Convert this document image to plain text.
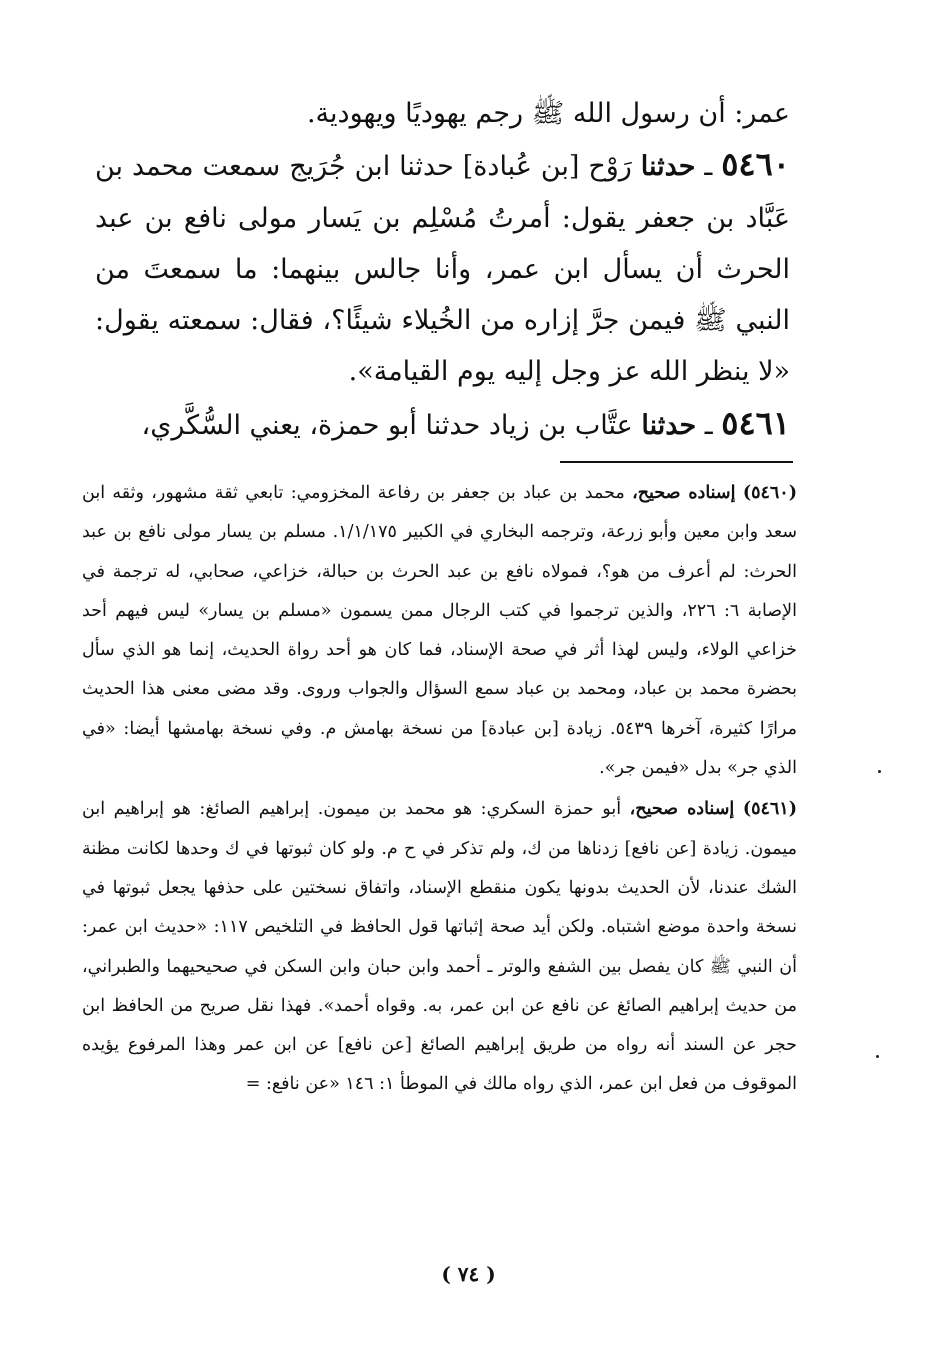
عمر: أن رسول الله ﷺ رجم يهوديًا ويهودية.

٥٤٦٠ ـ حدثنا رَوْح [بن عُبادة] حدثنا ابن جُرَيج سمعت محمد بن عَبَّاد بن جعفر يقول: أمرتُ مُسْلِم بن يَسار مولى نافع بن عبد الحرث أن يسأل ابن عمر، وأنا جالس بينهما: ما سمعتَ من النبي ﷺ فيمن جرَّ إزاره من الخُيلاء شيئًا؟، فقال: سمعته يقول: «لا ينظر الله عز وجل إليه يوم القيامة».

٥٤٦١ ـ حدثنا عتَّاب بن زياد حدثنا أبو حمزة، يعني السُّكَّري،

(٥٤٦٠) إسناده صحيح، محمد بن عباد بن جعفر بن رفاعة المخزومي: تابعي ثقة مشهور، وثقه ابن سعد وابن معين وأبو زرعة، وترجمه البخاري في الكبير ١/١/١٧٥. مسلم بن يسار مولى نافع بن عبد الحرث: لم أعرف من هو؟، فمولاه نافع بن عبد الحرث بن حبالة، خزاعي، صحابي، له ترجمة في الإصابة ٦: ٢٢٦، والذين ترجموا في كتب الرجال ممن يسمون «مسلم بن يسار» ليس فيهم أحد خزاعي الولاء، وليس لهذا أثر في صحة الإسناد، فما كان هو أحد رواة الحديث، إنما هو الذي سأل بحضرة محمد بن عباد، ومحمد بن عباد سمع السؤال والجواب وروى. وقد مضى معنى هذا الحديث مرارًا كثيرة، آخرها ٥٤٣٩. زيادة [بن عبادة] من نسخة بهامش م. وفي نسخة بهامشها أيضا: «في الذي جر» بدل «فيمن جر».

(٥٤٦١) إسناده صحيح، أبو حمزة السكري: هو محمد بن ميمون. إبراهيم الصائغ: هو إبراهيم ابن ميمون. زيادة [عن نافع] زدناها من ك، ولم تذكر في ح م. ولو كان ثبوتها في ك وحدها لكانت مظنة الشك عندنا، لأن الحديث بدونها يكون منقطع الإسناد، واتفاق نسختين على حذفها يجعل ثبوتها في نسخة واحدة موضع اشتباه. ولكن أيد صحة إثباتها قول الحافظ في التلخيص ١١٧: «حديث ابن عمر: أن النبي ﷺ كان يفصل بين الشفع والوتر ـ أحمد وابن حبان وابن السكن في صحيحيهما والطبراني، من حديث إبراهيم الصائغ عن نافع عن ابن عمر، به. وقواه أحمد». فهذا نقل صريح من الحافظ ابن حجر عن السند أنه رواه من طريق إبراهيم الصائغ [عن نافع] عن ابن عمر وهذا المرفوع يؤيده الموقوف من فعل ابن عمر، الذي رواه مالك في الموطأ ١: ١٤٦ «عن نافع: =

( ٧٤ )
